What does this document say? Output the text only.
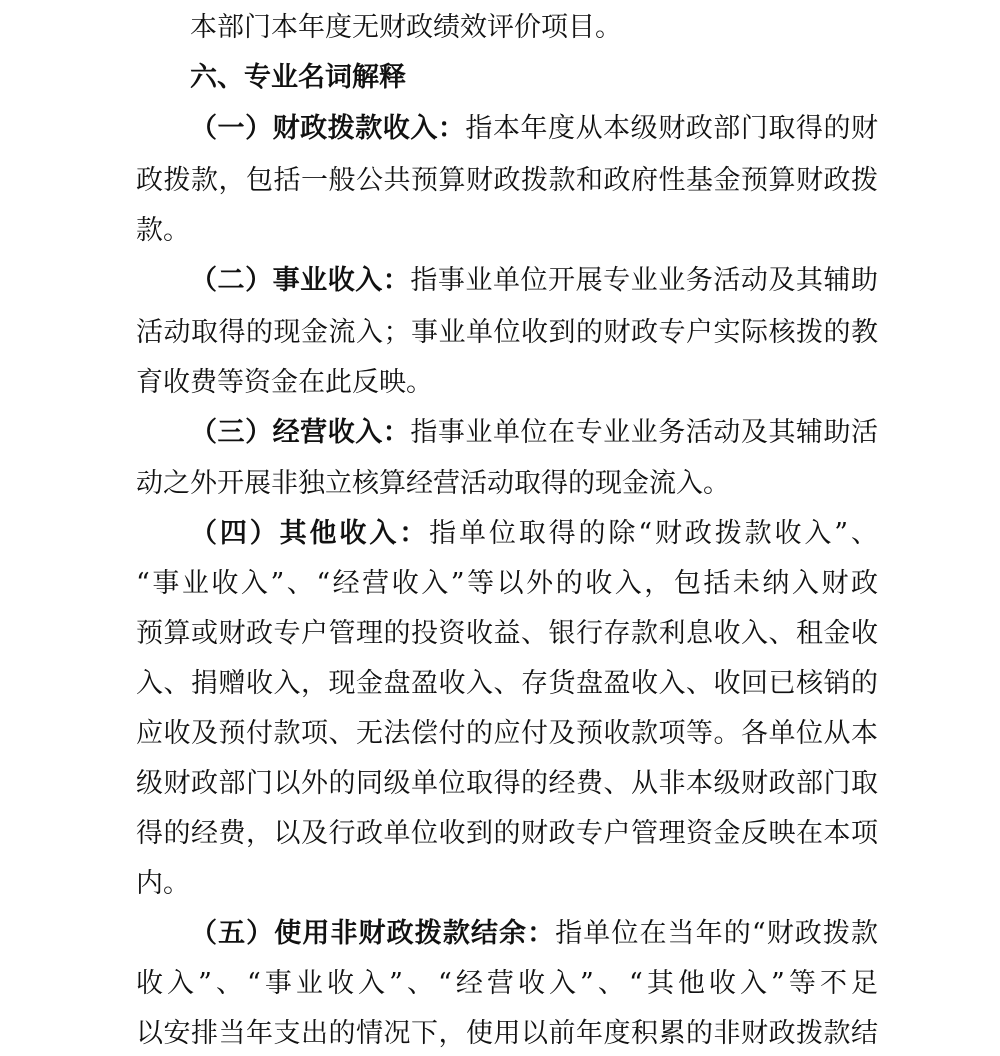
本部门本年度无财政绩效评价项目。
六、专业名词解释
（一）财政拨款收入：指本年度从本级财政部门取得的财
政拨款，包括一般公共预算财政拨款和政府性基金预算财政拨
款。
（二）事业收入：指事业单位开展专业业务活动及其辅助
活动取得的现金流入；事业单位收到的财政专户实际核拨的教
育收费等资金在此反映。
（三）经营收入：指事业单位在专业业务活动及其辅助活
动之外开展非独立核算经营活动取得的现金流入。
（四）其他收入：指单位取得的除“财政拨款收入”、
“事业收入”、“经营收入”等以外的收入，包括未纳入财政
预算或财政专户管理的投资收益、银行存款利息收入、租金收
入、捐赠收入，现金盘盈收入、存货盘盈收入、收回已核销的
应收及预付款项、无法偿付的应付及预收款项等。各单位从本
级财政部门以外的同级单位取得的经费、从非本级财政部门取
得的经费，以及行政单位收到的财政专户管理资金反映在本项
内。
（五）使用非财政拨款结余：指单位在当年的“财政拨款
收入”、“事业收入”、“经营收入”、“其他收入”等不足
以安排当年支出的情况下，使用以前年度积累的非财政拨款结
